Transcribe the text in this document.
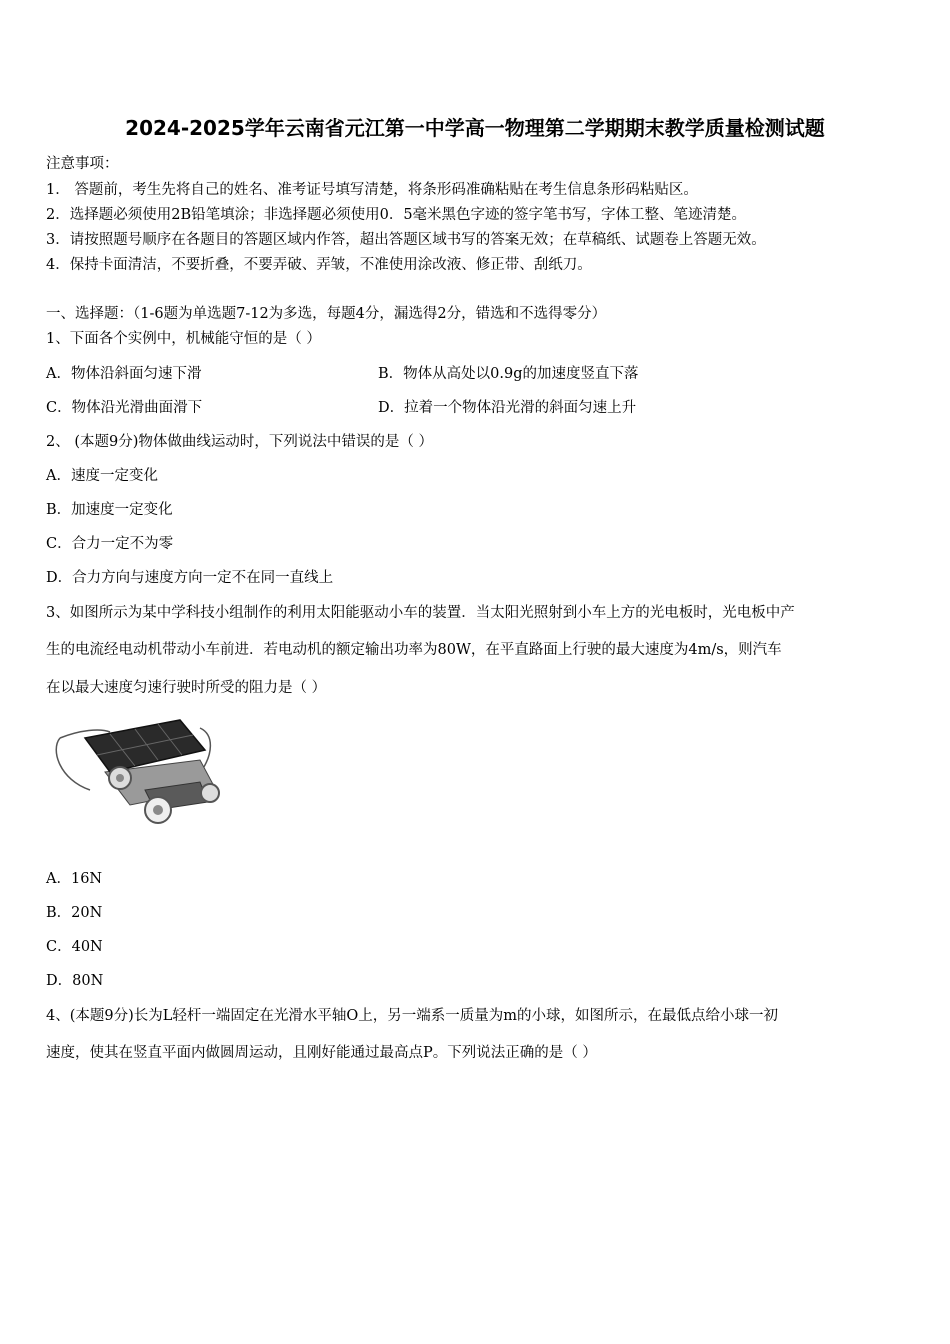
2024-2025学年云南省元江第一中学高一物理第二学期期末教学质量检测试题
注意事项：
1． 答题前，考生先将自己的姓名、准考证号填写清楚，将条形码准确粘贴在考生信息条形码粘贴区。
2．选择题必须使用2B铅笔填涂；非选择题必须使用0．5毫米黑色字迹的签字笔书写，字体工整、笔迹清楚。
3．请按照题号顺序在各题目的答题区域内作答，超出答题区域书写的答案无效；在草稿纸、试题卷上答题无效。
4．保持卡面清洁，不要折叠，不要弄破、弄皱，不准使用涂改液、修正带、刮纸刀。
一、选择题：（1-6题为单选题7-12为多选，每题4分，漏选得2分，错选和不选得零分）
1、下面各个实例中，机械能守恒的是（ ）
A．物体沿斜面匀速下滑	B．物体从高处以0.9g的加速度竖直下落
C．物体沿光滑曲面滑下	D．拉着一个物体沿光滑的斜面匀速上升
2、 (本题9分)物体做曲线运动时，下列说法中错误的是（ ）
A．速度一定变化
B．加速度一定变化
C．合力一定不为零
D．合力方向与速度方向一定不在同一直线上
3、如图所示为某中学科技小组制作的利用太阳能驱动小车的装置．当太阳光照射到小车上方的光电板时，光电板中产
生的电流经电动机带动小车前进．若电动机的额定输出功率为80W，在平直路面上行驶的最大速度为4m/s，则汽车
在以最大速度匀速行驶时所受的阻力是（ ）
A．16N
B．20N
C．40N
D．80N
4、(本题9分)长为L轻杆一端固定在光滑水平轴O上，另一端系一质量为m的小球，如图所示，在最低点给小球一初
速度，使其在竖直平面内做圆周运动，且刚好能通过最高点P。下列说法正确的是（ ）
